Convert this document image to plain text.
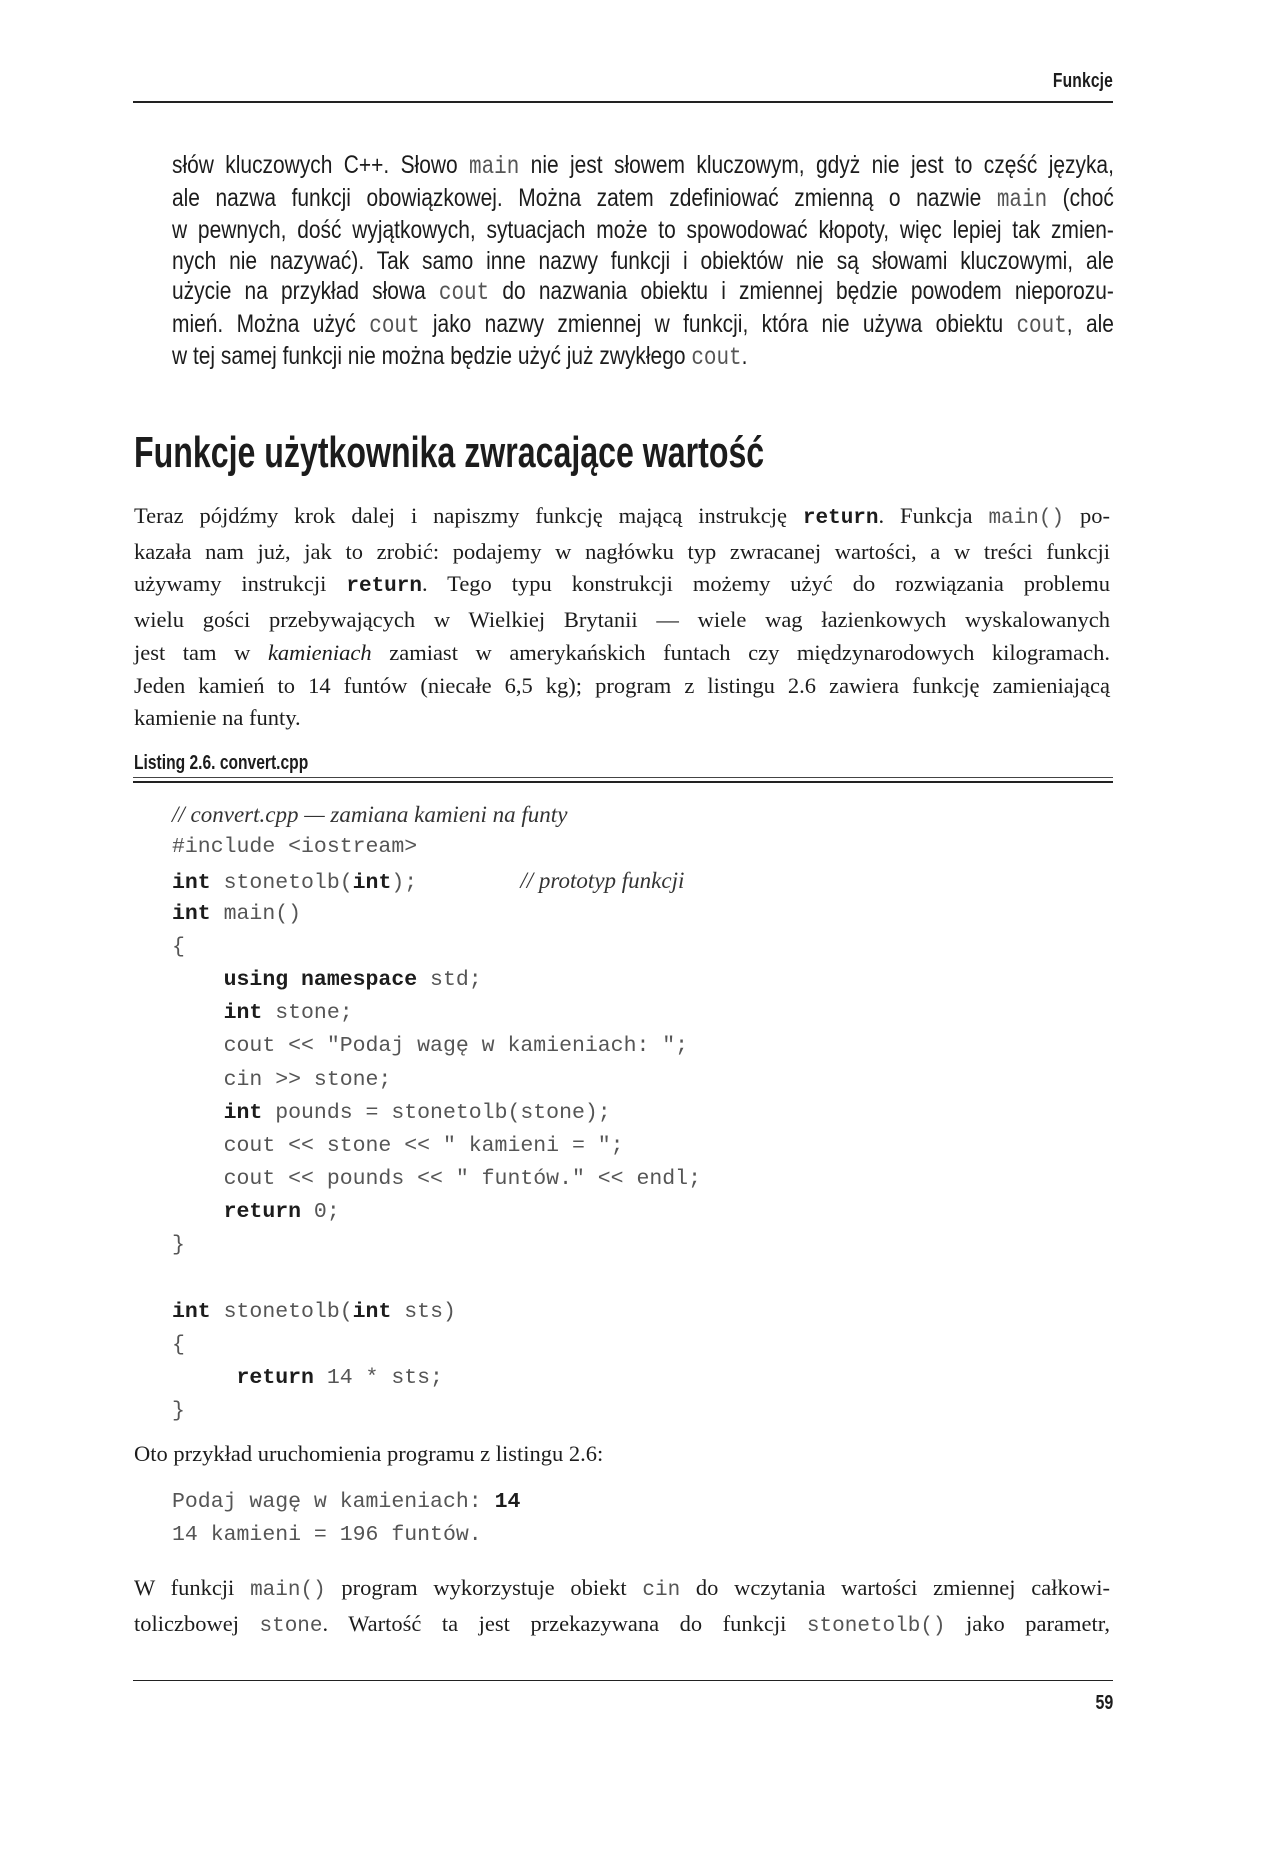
Funkcje
słów kluczowych C++. Słowo main nie jest słowem kluczowym, gdyż nie jest to część języka,
ale nazwa funkcji obowiązkowej. Można zatem zdefiniować zmienną o nazwie main (choć
w pewnych, dość wyjątkowych, sytuacjach może to spowodować kłopoty, więc lepiej tak zmien-
nych nie nazywać). Tak samo inne nazwy funkcji i obiektów nie są słowami kluczowymi, ale
użycie na przykład słowa cout do nazwania obiektu i zmiennej będzie powodem nieporozu-
mień. Można użyć cout jako nazwy zmiennej w funkcji, która nie używa obiektu cout, ale
w tej samej funkcji nie można będzie użyć już zwykłego cout.
Funkcje użytkownika zwracające wartość
Teraz pójdźmy krok dalej i napiszmy funkcję mającą instrukcję return. Funkcja main() po-
kazała nam już, jak to zrobić: podajemy w nagłówku typ zwracanej wartości, a w treści funkcji
używamy instrukcji return. Tego typu konstrukcji możemy użyć do rozwiązania problemu
wielu gości przebywających w Wielkiej Brytanii — wiele wag łazienkowych wyskalowanych
jest tam w kamieniach zamiast w amerykańskich funtach czy międzynarodowych kilogramach.
Jeden kamień to 14 funtów (niecałe 6,5 kg); program z listingu 2.6 zawiera funkcję zamieniającą
kamienie na funty.
Listing 2.6. convert.cpp
// convert.cpp — zamiana kamieni na funty
#include <iostream>
int stonetolb(int);	// prototyp funkcji
int main()
{
using namespace std;
int stone;
cout << "Podaj wagę w kamieniach: ";
cin >> stone;
int pounds = stonetolb(stone);
cout << stone << " kamieni = ";
cout << pounds << " funtów." << endl;
return 0;
}
int stonetolb(int sts)
{
return 14 * sts;
}
Oto przykład uruchomienia programu z listingu 2.6:
Podaj wagę w kamieniach: 14
14 kamieni = 196 funtów.
W funkcji main() program wykorzystuje obiekt cin do wczytania wartości zmiennej całkowi-
toliczbowej stone. Wartość ta jest przekazywana do funkcji stonetolb() jako parametr,
59
